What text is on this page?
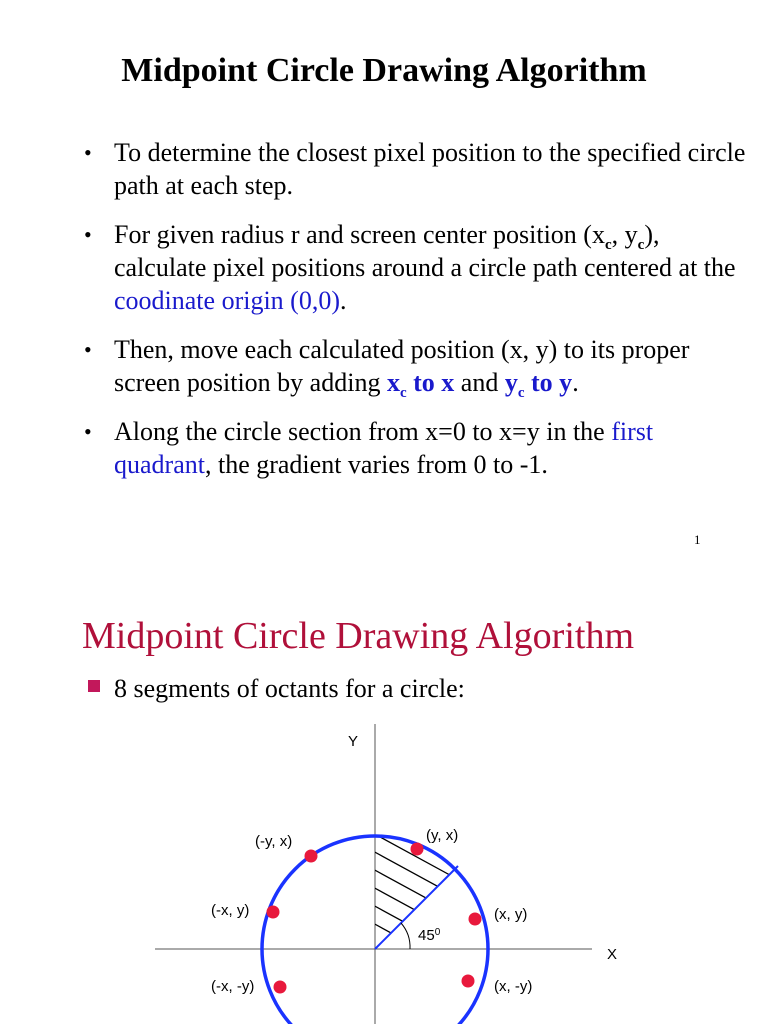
Midpoint Circle Drawing Algorithm
• To determine the closest pixel position to the specified circle path at each step.
• For given radius r and screen center position ($x_c$, $y_c$), calculate pixel positions around a circle path centered at the coodinate origin (0,0).
• Then, move each calculated position (x, y) to its proper screen position by adding $x_c$ to x and $y_c$ to y.
• Along the circle section from x=0 to x=y in the first quadrant, the gradient varies from 0 to -1.
1
Midpoint Circle Drawing Algorithm
8 segments of octants for a circle:
Y
X
$45^0$
(y, x)
(-y, x)
(-x, y)	(x, y)
(-x, -y)	(x, -y)
